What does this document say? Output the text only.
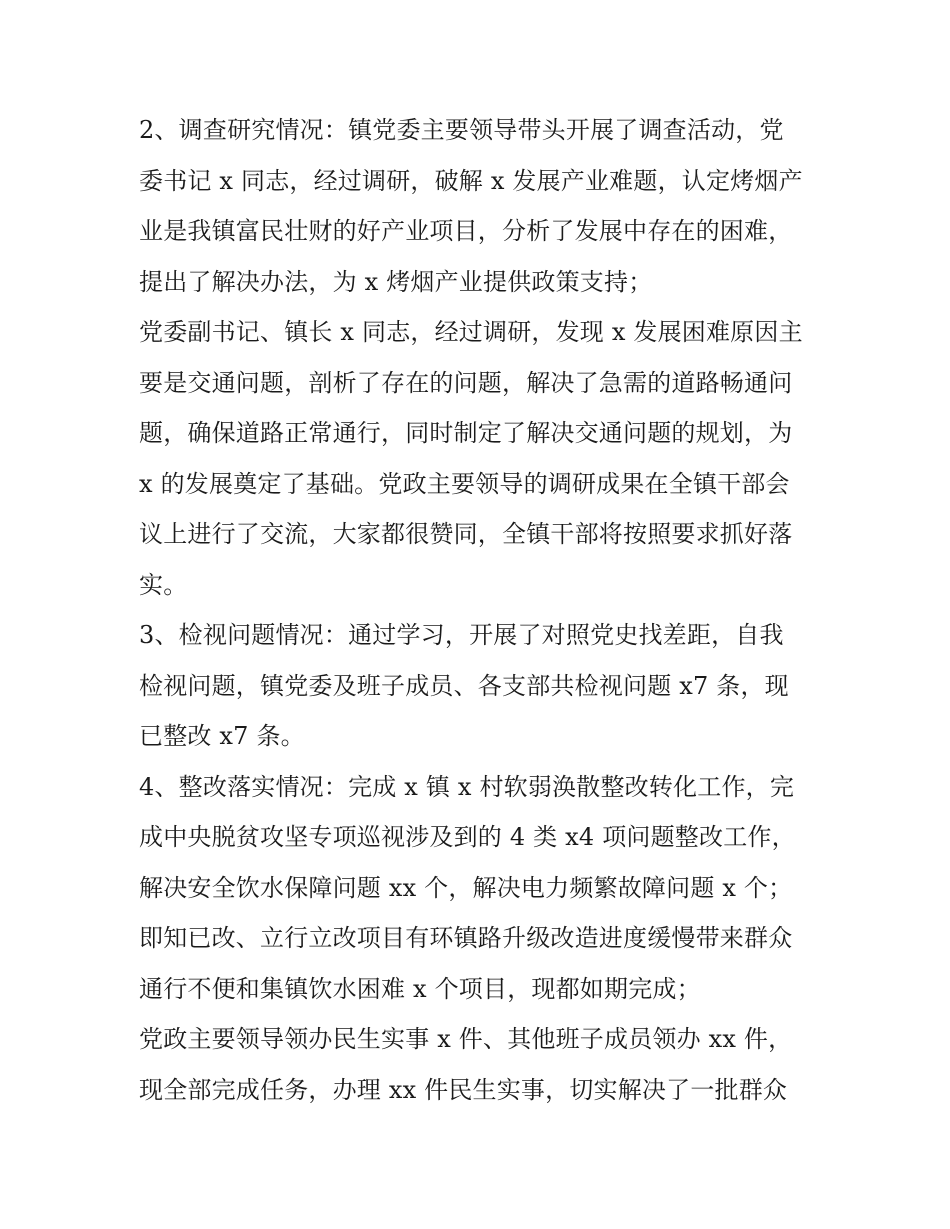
2、调查研究情况：镇党委主要领导带头开展了调查活动，党
委书记 x 同志，经过调研，破解 x 发展产业难题，认定烤烟产
业是我镇富民壮财的好产业项目，分析了发展中存在的困难，
提出了解决办法，为 x 烤烟产业提供政策支持；
党委副书记、镇长 x 同志，经过调研，发现 x 发展困难原因主
要是交通问题，剖析了存在的问题，解决了急需的道路畅通问
题，确保道路正常通行，同时制定了解决交通问题的规划，为
x 的发展奠定了基础。党政主要领导的调研成果在全镇干部会
议上进行了交流，大家都很赞同，全镇干部将按照要求抓好落
实。
3、检视问题情况：通过学习，开展了对照党史找差距，自我
检视问题，镇党委及班子成员、各支部共检视问题 x7 条，现
已整改 x7 条。
4、整改落实情况：完成 x 镇 x 村软弱涣散整改转化工作，完
成中央脱贫攻坚专项巡视涉及到的 4 类 x4 项问题整改工作，
解决安全饮水保障问题 xx 个，解决电力频繁故障问题 x 个；
即知已改、立行立改项目有环镇路升级改造进度缓慢带来群众
通行不便和集镇饮水困难 x 个项目，现都如期完成；
党政主要领导领办民生实事 x 件、其他班子成员领办 xx 件，
现全部完成任务，办理 xx 件民生实事，切实解决了一批群众
